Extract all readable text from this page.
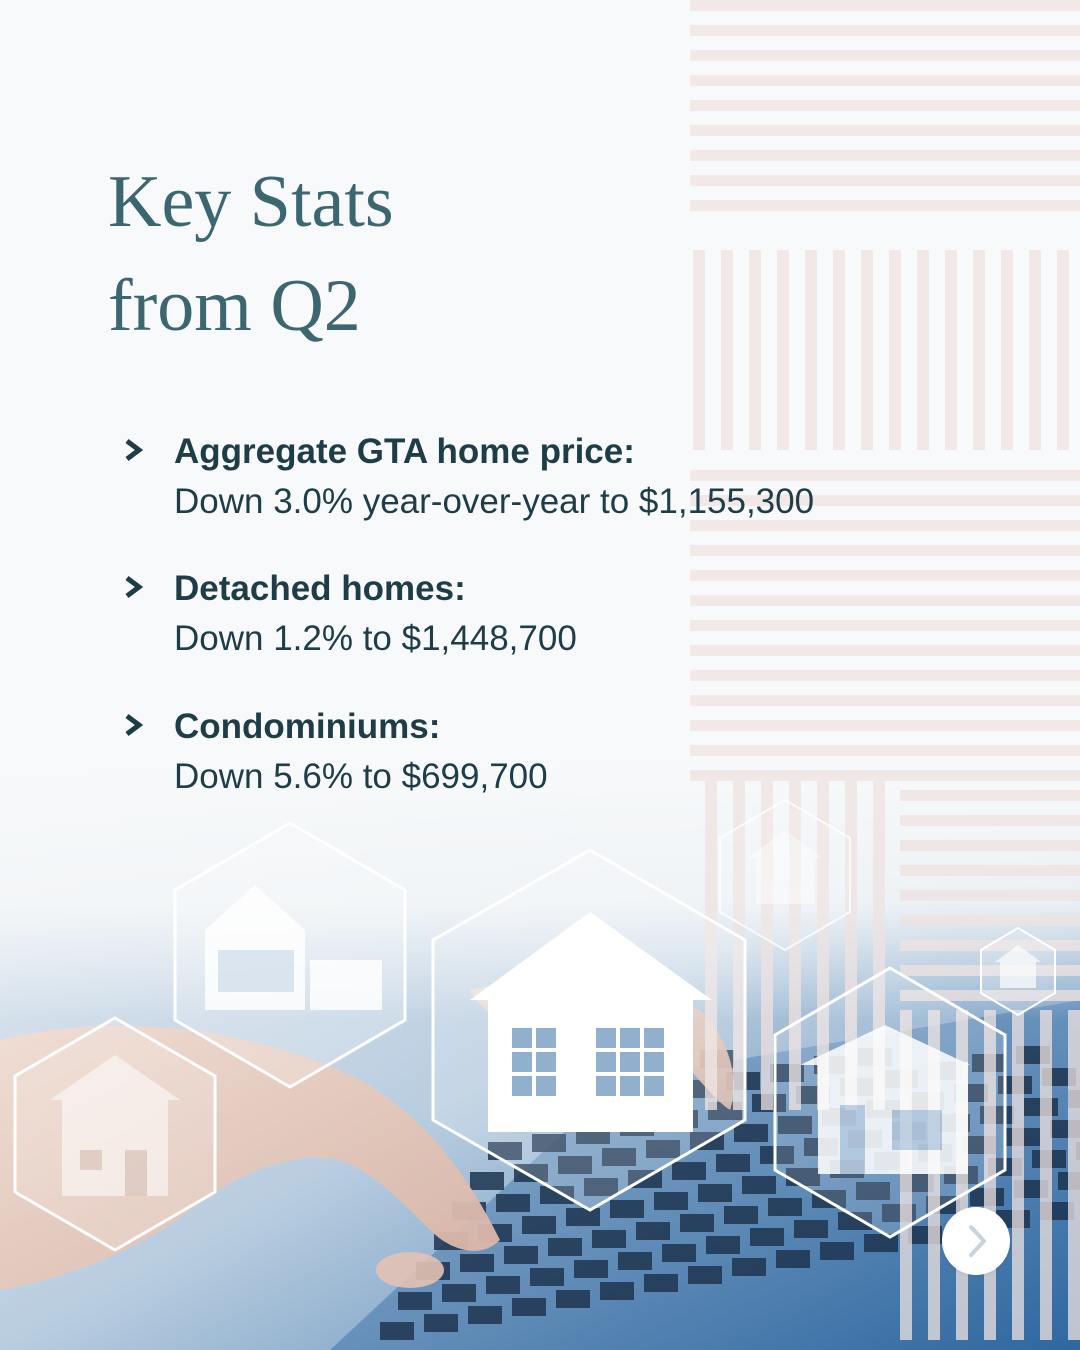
Key Stats
from Q2
Aggregate GTA home price:
Down 3.0% year-over-year to $1,155,300
Detached homes:
Down 1.2% to $1,448,700
Condominiums:
Down 5.6% to $699,700
